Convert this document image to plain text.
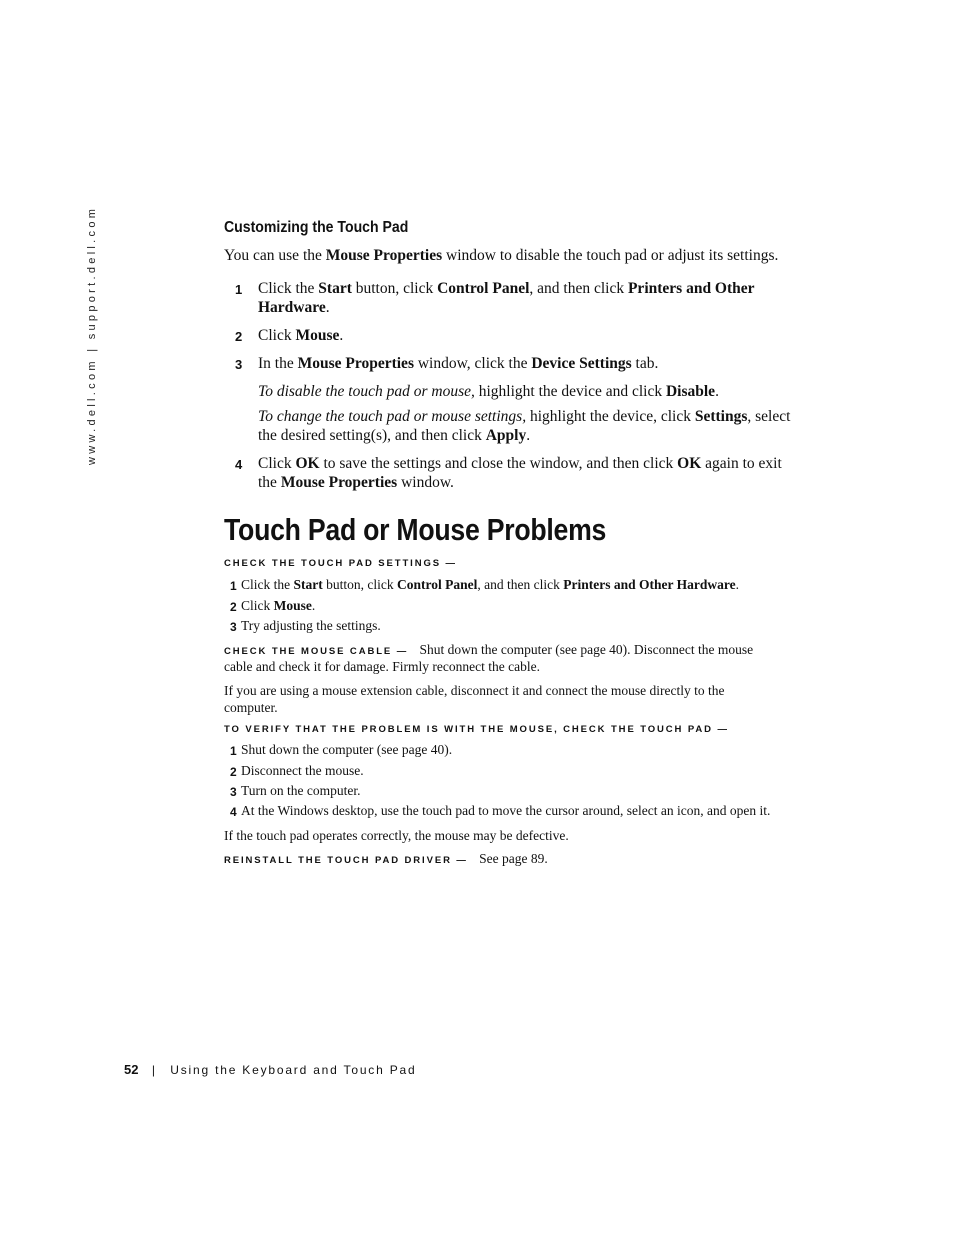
www.dell.com | support.dell.com	Customizing the Touch Pad
You can use the Mouse Properties window to disable the touch pad or adjust its settings.
1 Click the Start button, click Control Panel, and then click Printers and Other
Hardware.
2 Click Mouse.
3 In the Mouse Properties window, click the Device Settings tab.
To disable the touch pad or mouse, highlight the device and click Disable.
To change the touch pad or mouse settings, highlight the device, click Settings, select
the desired setting(s), and then click Apply.
4 Click OK to save the settings and close the window, and then click OK again to exit
the Mouse Properties window.
Touch Pad or Mouse Problems
CHECK THE TOUCH PAD SETTINGS —
1 Click the Start button, click Control Panel, and then click Printers and Other Hardware.
2 Click Mouse.
3 Try adjusting the settings.
CHECK THE MOUSE CABLE — Shut down the computer (see page 40). Disconnect the mouse
cable and check it for damage. Firmly reconnect the cable.
If you are using a mouse extension cable, disconnect it and connect the mouse directly to the
computer.
TO VERIFY THAT THE PROBLEM IS WITH THE MOUSE, CHECK THE TOUCH PAD —
1 Shut down the computer (see page 40).
2 Disconnect the mouse.
3 Turn on the computer.
4 At the Windows desktop, use the touch pad to move the cursor around, select an icon, and open it.
If the touch pad operates correctly, the mouse may be defective.
REINSTALL THE TOUCH PAD DRIVER — See page 89.
52 | Using the Keyboard and Touch Pad
